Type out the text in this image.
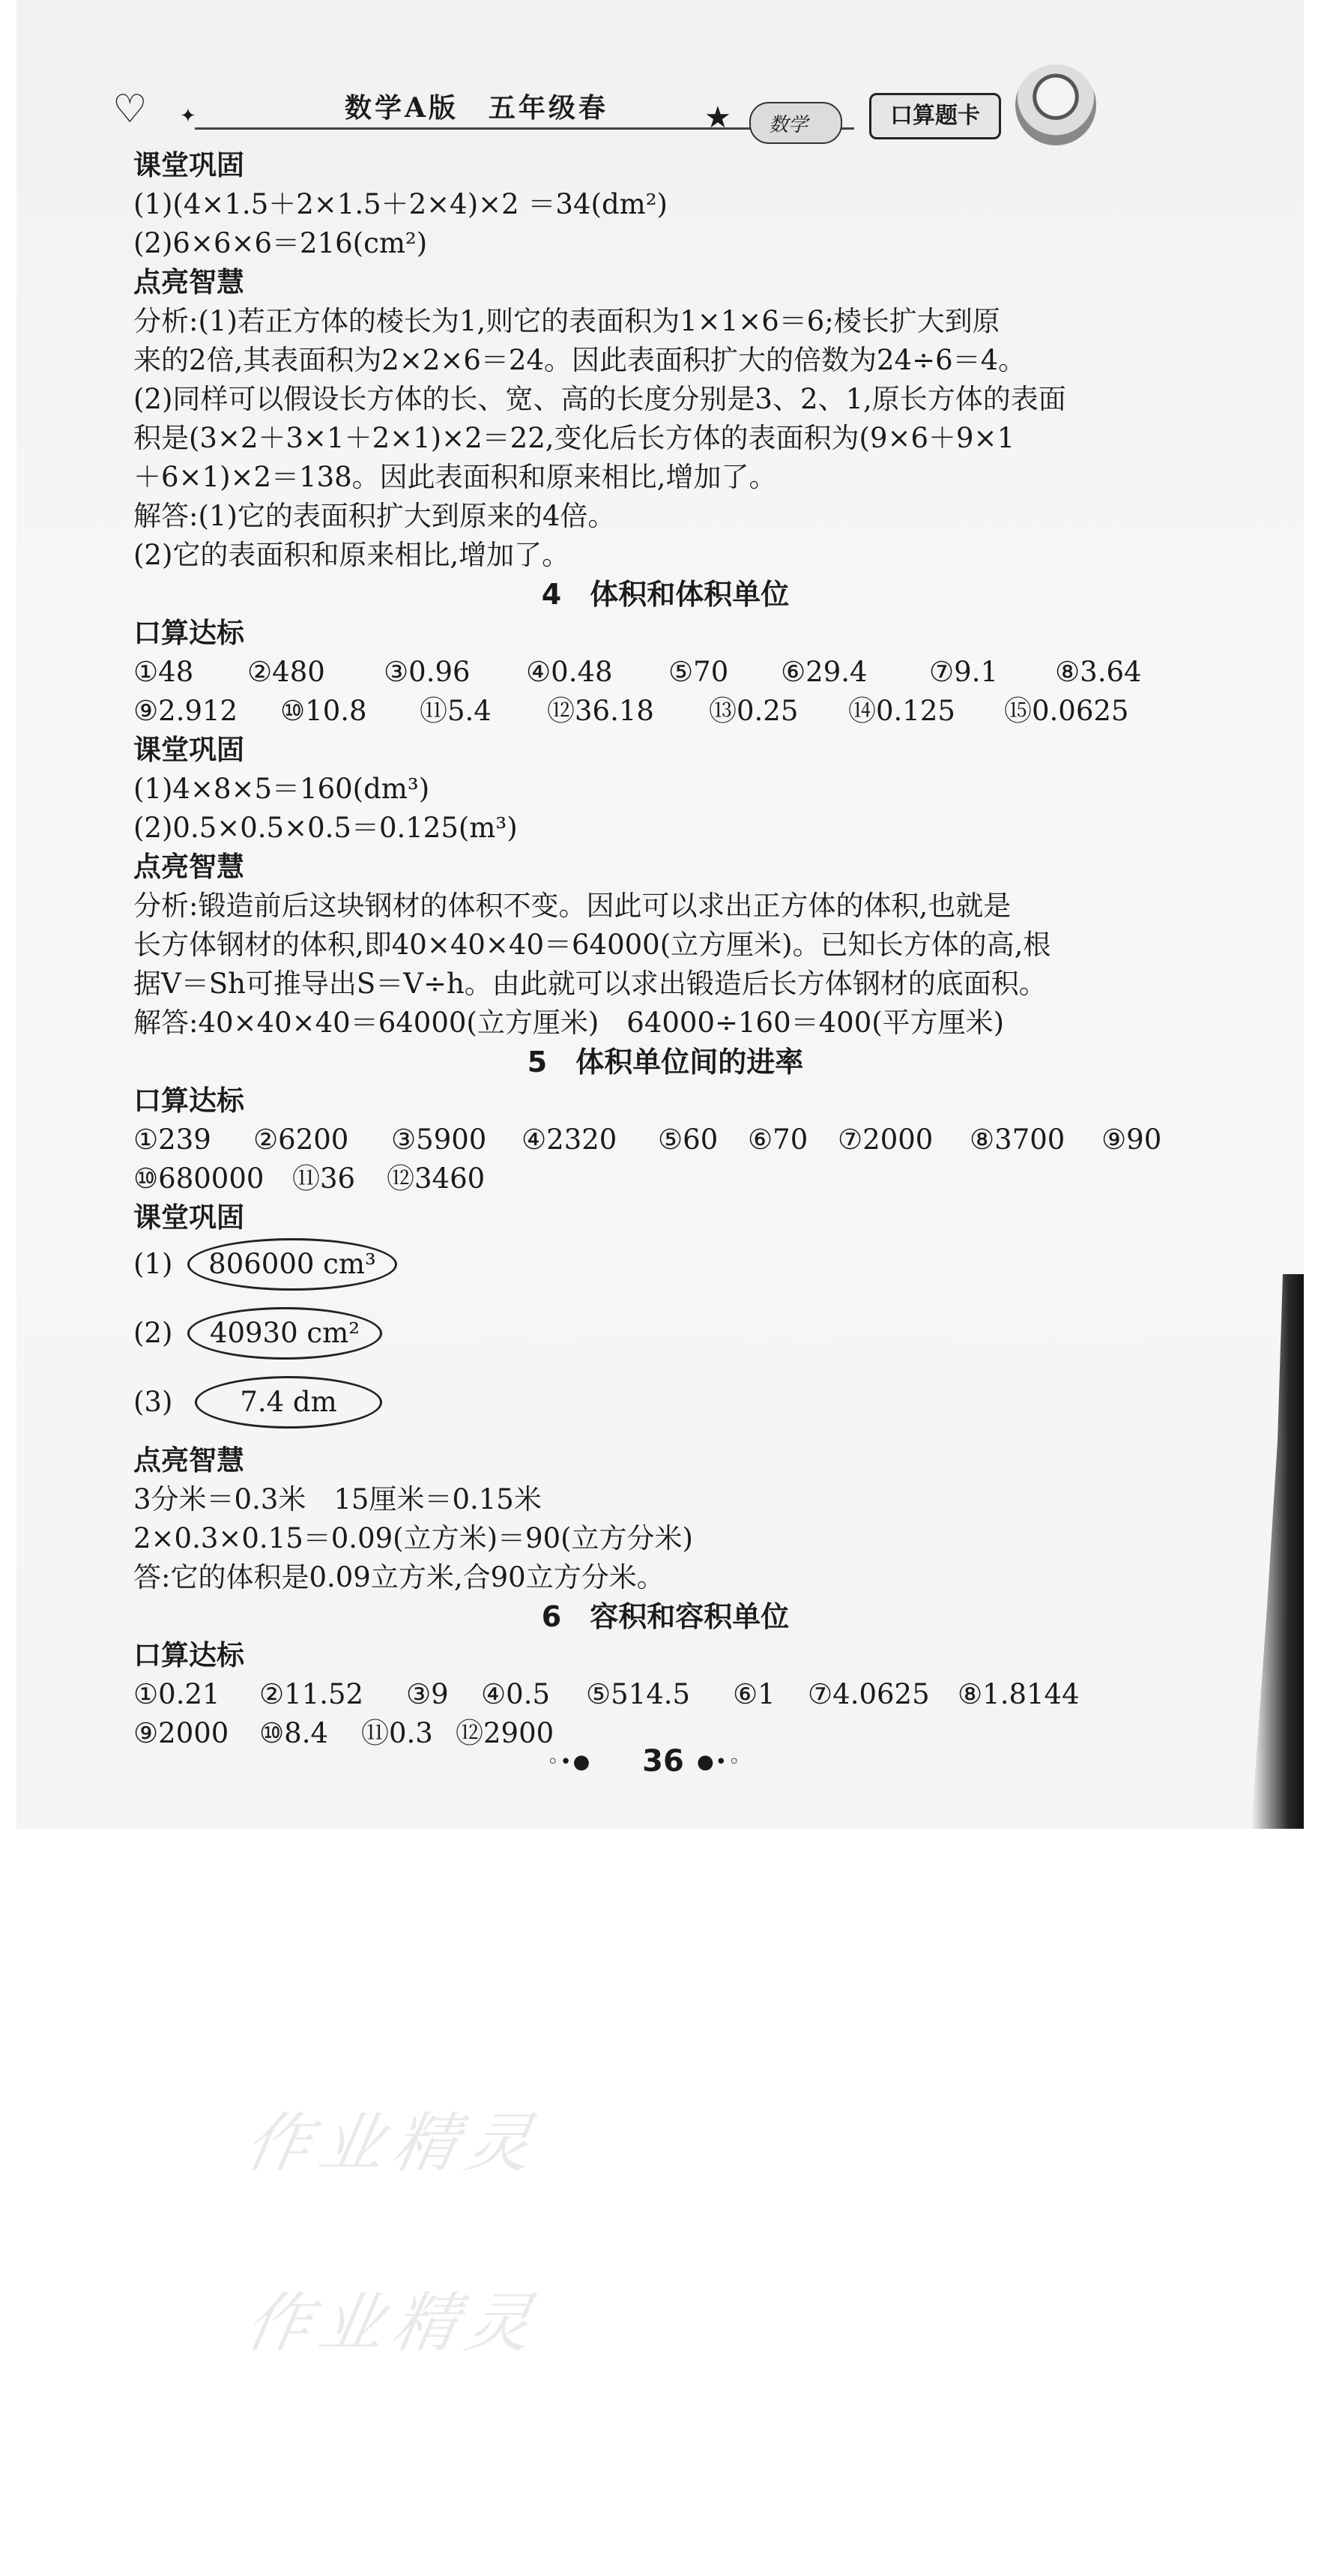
♡ ✦	数学A版　五年级春	★ 数学	口算题卡
课堂巩固
(1)(4×1.5＋2×1.5＋2×4)×2 ＝34(dm²)
(2)6×6×6＝216(cm²)
点亮智慧
分析:(1)若正方体的棱长为1,则它的表面积为1×1×6＝6;棱长扩大到原
来的2倍,其表面积为2×2×6＝24。因此表面积扩大的倍数为24÷6＝4。
(2)同样可以假设长方体的长、宽、高的长度分别是3、2、1,原长方体的表面
积是(3×2＋3×1＋2×1)×2＝22,变化后长方体的表面积为(9×6＋9×1
＋6×1)×2＝138。因此表面积和原来相比,增加了。
解答:(1)它的表面积扩大到原来的4倍。
(2)它的表面积和原来相比,增加了。
4　体积和体积单位
口算达标
①48	②480	③0.96	④0.48	⑤70	⑥29.4	⑦9.1	⑧3.64
⑨2.912	⑩10.8	⑪5.4	⑫36.18	⑬0.25	⑭0.125	⑮0.0625
课堂巩固
(1)4×8×5＝160(dm³)
(2)0.5×0.5×0.5＝0.125(m³)
点亮智慧
分析:锻造前后这块钢材的体积不变。因此可以求出正方体的体积,也就是
长方体钢材的体积,即40×40×40＝64000(立方厘米)。已知长方体的高,根
据V＝Sh可推导出S＝V÷h。由此就可以求出锻造后长方体钢材的底面积。
解答:40×40×40＝64000(立方厘米)　64000÷160＝400(平方厘米)
5　体积单位间的进率
口算达标
①239	②6200	③5900	④2320	⑤60	⑥70	⑦2000	⑧3700	⑨90
⑩680000	⑪36	⑫3460
课堂巩固
(1)	806000 cm³
(2)	40930 cm²
(3)	7.4 dm
点亮智慧
3分米＝0.3米　15厘米＝0.15米
2×0.3×0.15＝0.09(立方米)＝90(立方分米)
答:它的体积是0.09立方米,合90立方分米。
6　容积和容积单位
口算达标
①0.21	②11.52	③9	④0.5	⑤514.5	⑥1	⑦4.0625	⑧1.8144
⑨2000	⑩8.4	⑪0.3 ⑫2900
◦•● 36 ●•◦
作业精灵
作业精灵
